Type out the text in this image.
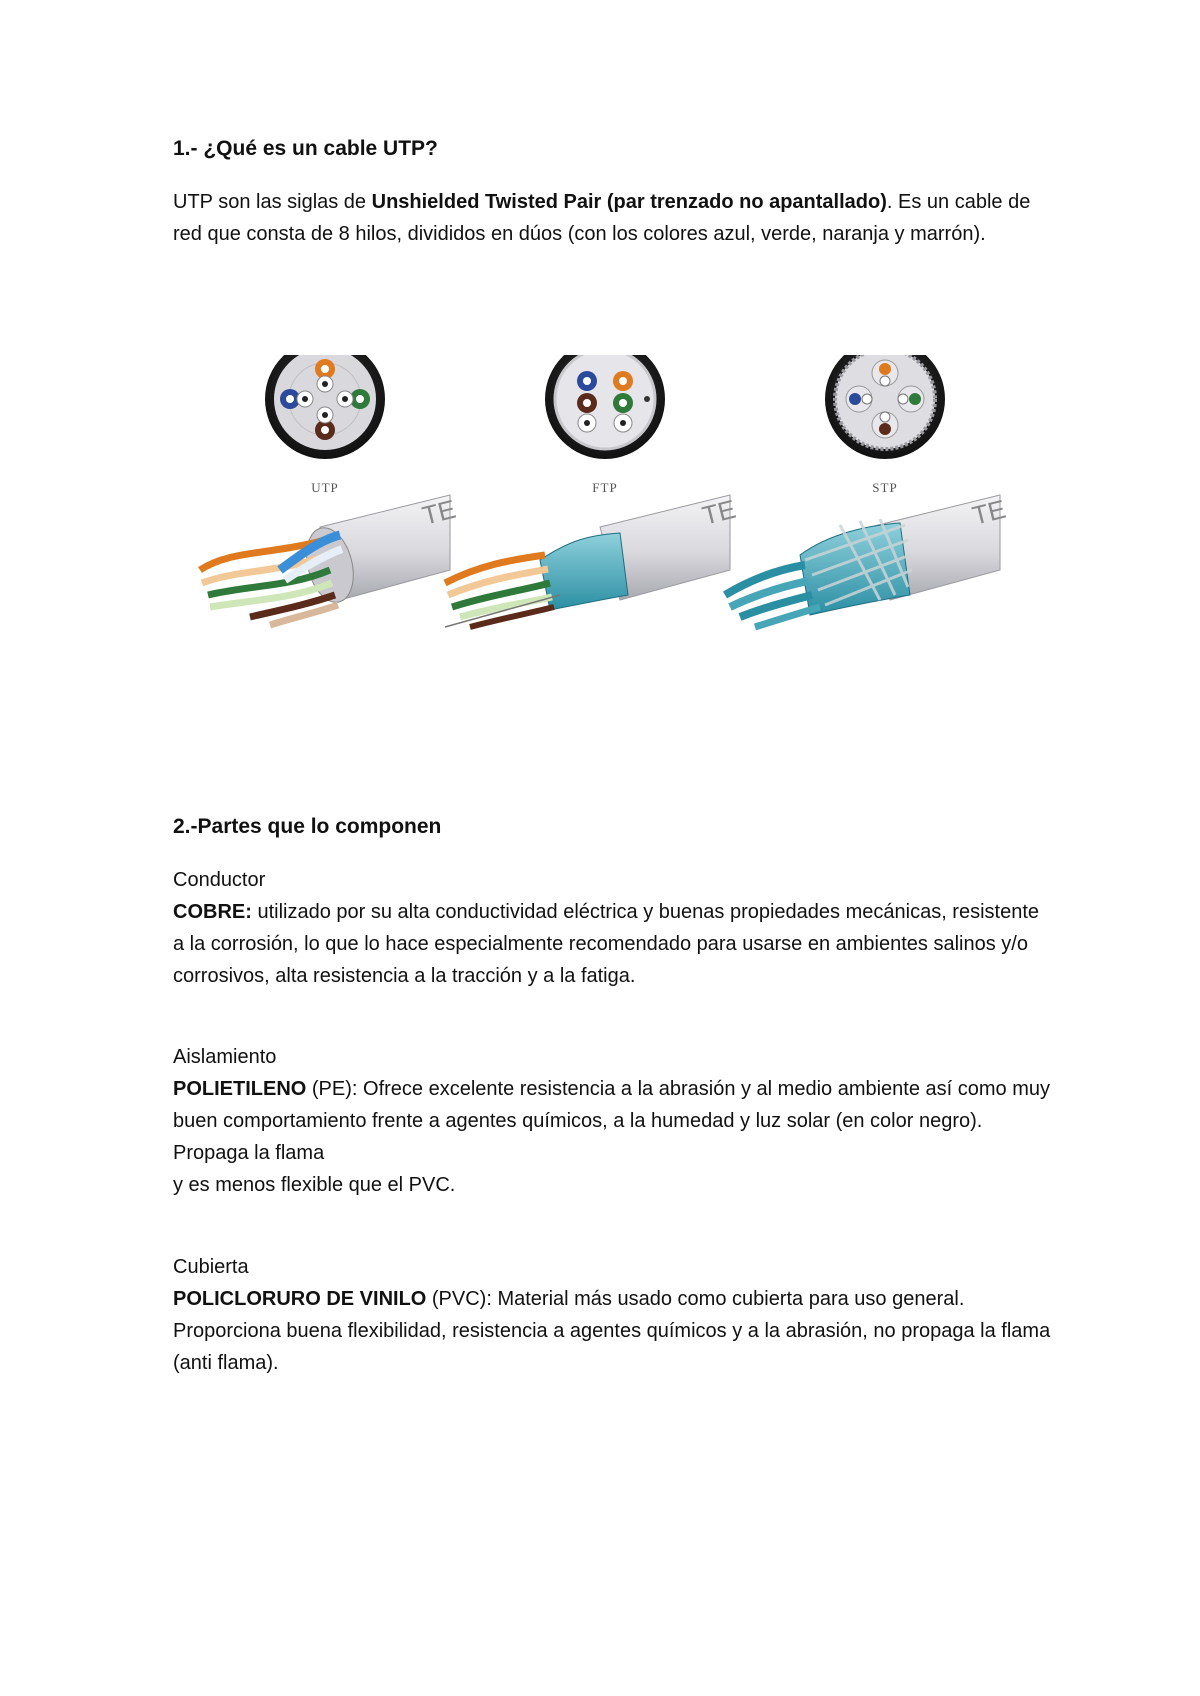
1.- ¿Qué es un cable UTP?

UTP son las siglas de Unshielded Twisted Pair (par trenzado no apantallado). Es un cable de red que consta de 8 hilos, divididos en dúos (con los colores azul, verde, naranja y marrón).

UTP	FTP	STP
TE	TE	TE
2.-Partes que lo componen
Conductor
COBRE: utilizado por su alta conductividad eléctrica y buenas propiedades mecánicas, resistente a la corrosión, lo que lo hace especialmente recomendado para usarse en ambientes salinos y/o corrosivos, alta resistencia a la tracción y a la fatiga.
Aislamiento
POLIETILENO (PE): Ofrece excelente resistencia a la abrasión y al medio ambiente así como muy buen comportamiento frente a agentes químicos, a la humedad y luz solar (en color negro). Propaga la flama
y es menos flexible que el PVC.
Cubierta
POLICLORURO DE VINILO (PVC): Material más usado como cubierta para uso general. Proporciona buena flexibilidad, resistencia a agentes químicos y a la abrasión, no propaga la flama (anti flama).
